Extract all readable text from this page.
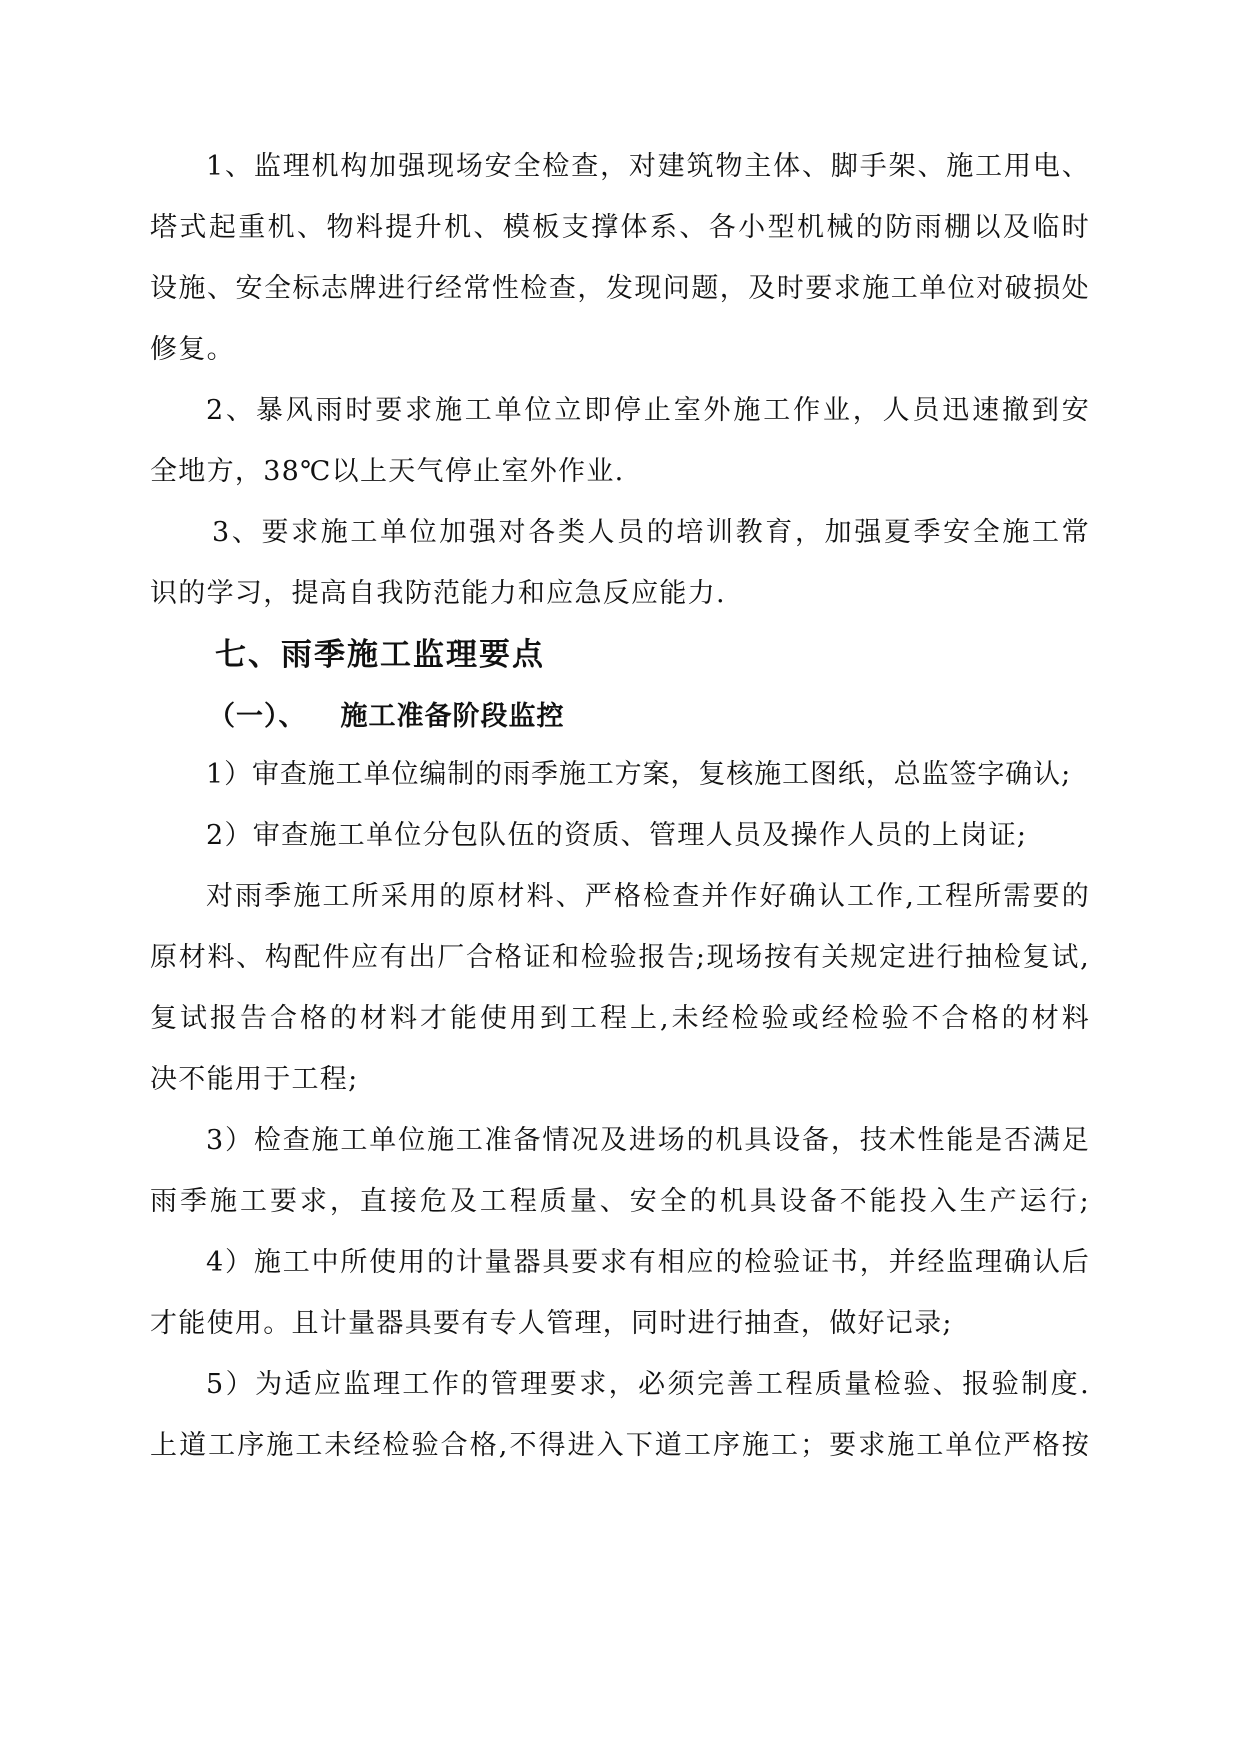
1、监理机构加强现场安全检查，对建筑物主体、脚手架、施工用电、
塔式起重机、物料提升机、模板支撑体系、各小型机械的防雨棚以及临时
设施、安全标志牌进行经常性检查，发现问题，及时要求施工单位对破损处
修复。
2、暴风雨时要求施工单位立即停止室外施工作业，人员迅速撤到安
全地方，38℃以上天气停止室外作业.
3、要求施工单位加强对各类人员的培训教育，加强夏季安全施工常
识的学习，提高自我防范能力和应急反应能力.
七、雨季施工监理要点
（一）、 施工准备阶段监控
1）审查施工单位编制的雨季施工方案，复核施工图纸，总监签字确认;
2）审查施工单位分包队伍的资质、管理人员及操作人员的上岗证;
对雨季施工所采用的原材料、严格检查并作好确认工作,工程所需要的
原材料、构配件应有出厂合格证和检验报告;现场按有关规定进行抽检复试,
复试报告合格的材料才能使用到工程上,未经检验或经检验不合格的材料
决不能用于工程;
3）检查施工单位施工准备情况及进场的机具设备，技术性能是否满足
雨季施工要求，直接危及工程质量、安全的机具设备不能投入生产运行;
4）施工中所使用的计量器具要求有相应的检验证书，并经监理确认后
才能使用。且计量器具要有专人管理，同时进行抽查，做好记录;
5）为适应监理工作的管理要求，必须完善工程质量检验、报验制度.
上道工序施工未经检验合格,不得进入下道工序施工；要求施工单位严格按
